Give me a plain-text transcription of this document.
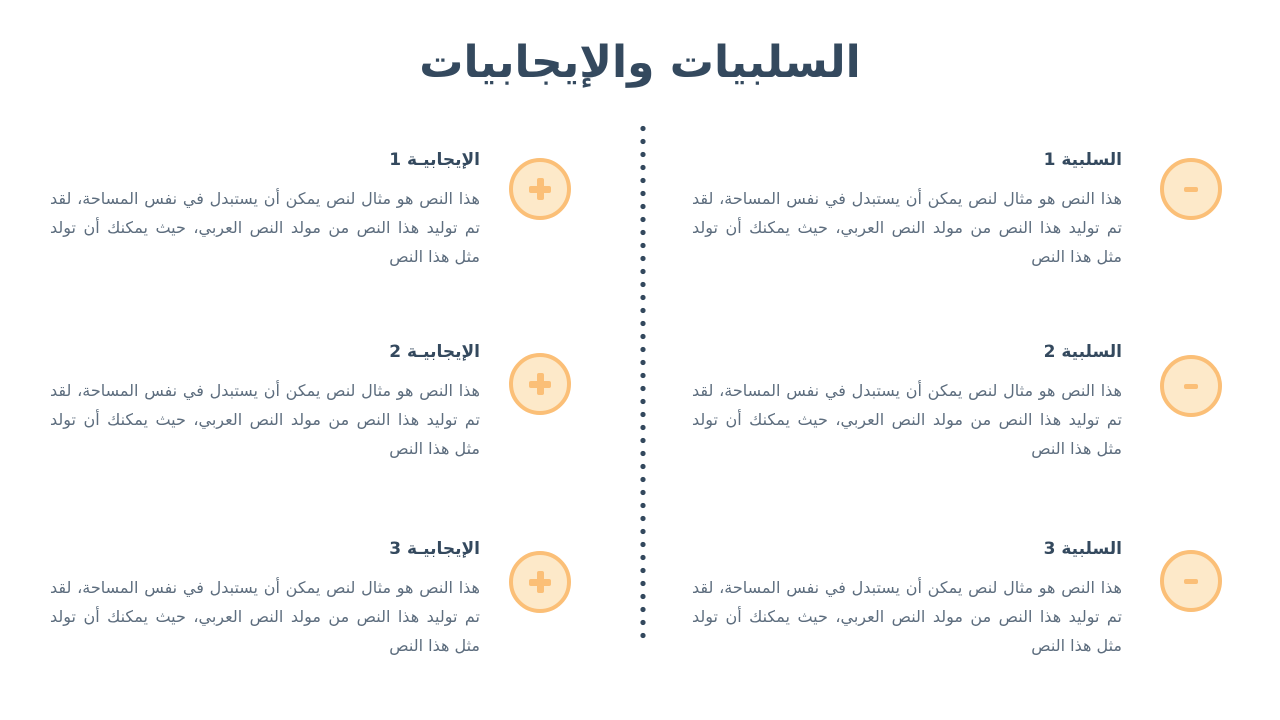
السلبيات والإيجابيات
الإيجابيـة 1
هذا النص هو مثال لنص يمكن أن يستبدل في نفس المساحة، لقد تم توليد هذا النص من مولد النص العربي، حيث يمكنك أن تولد مثل هذا النص
الإيجابيـة 2
هذا النص هو مثال لنص يمكن أن يستبدل في نفس المساحة، لقد تم توليد هذا النص من مولد النص العربي، حيث يمكنك أن تولد مثل هذا النص
الإيجابيـة 3
هذا النص هو مثال لنص يمكن أن يستبدل في نفس المساحة، لقد تم توليد هذا النص من مولد النص العربي، حيث يمكنك أن تولد مثل هذا النص
السلبية 1
هذا النص هو مثال لنص يمكن أن يستبدل في نفس المساحة، لقد تم توليد هذا النص من مولد النص العربي، حيث يمكنك أن تولد مثل هذا النص
السلبية 2
هذا النص هو مثال لنص يمكن أن يستبدل في نفس المساحة، لقد تم توليد هذا النص من مولد النص العربي، حيث يمكنك أن تولد مثل هذا النص
السلبية 3
هذا النص هو مثال لنص يمكن أن يستبدل في نفس المساحة، لقد تم توليد هذا النص من مولد النص العربي، حيث يمكنك أن تولد مثل هذا النص
